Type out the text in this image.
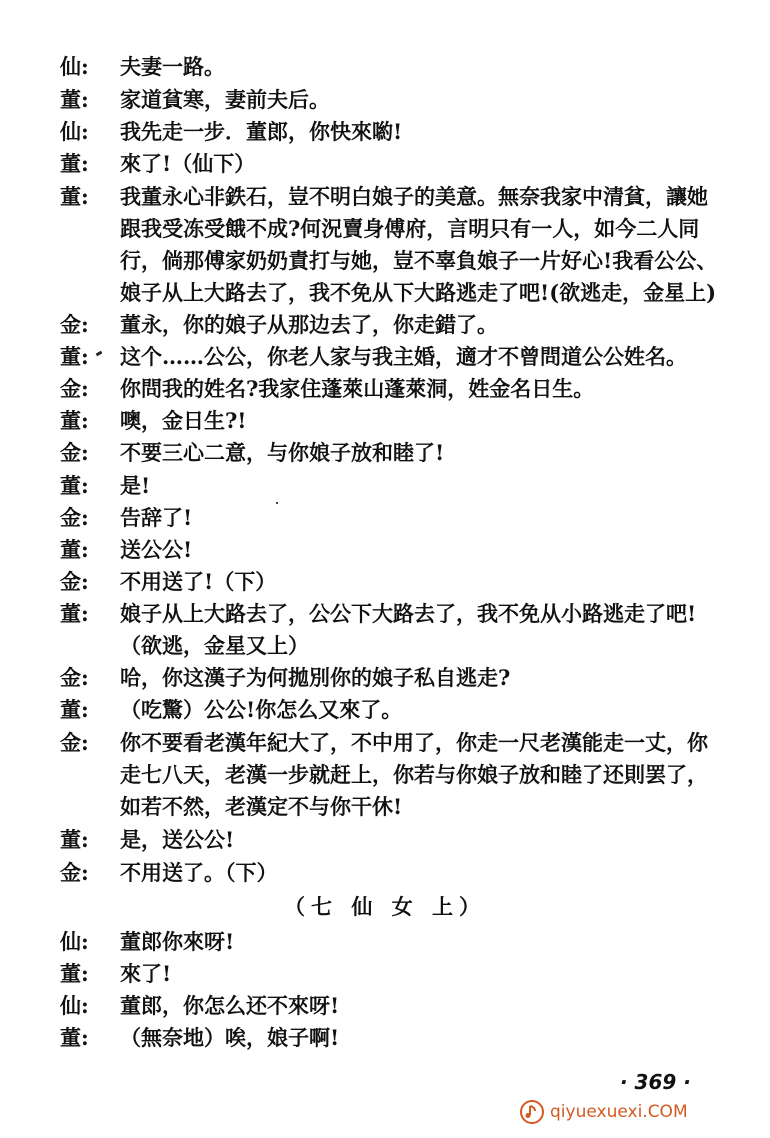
仙:	夫妻一路。
董:	家道貧寒，妻前夫后。
仙:	我先走一步．董郎，你快來喲!
董:	來了!（仙下）
董:	我董永心非鉄石，豈不明白娘子的美意。無奈我家中清貧，讓她
跟我受冻受餓不成?何況賣身傅府，言明只有一人，如今二人同
行，倘那傅家奶奶責打与她，豈不辜負娘子一片好心!我看公公、
娘子从上大路去了，我不免从下大路逃走了吧!(欲逃走，金星上)
金:	董永，你的娘子从那边去了，你走錯了。
董:	这个……公公，你老人家与我主婚，適才不曾問道公公姓名。
金:	你問我的姓名?我家住蓬萊山蓬萊洞，姓金名日生。
董:	噢，金日生?!
金:	不要三心二意，与你娘子放和睦了!
董:	是!
金:	告辞了!
董:	送公公!
金:	不用送了!（下）
董:	娘子从上大路去了，公公下大路去了，我不免从小路逃走了吧!
（欲逃，金星又上）
金:	哈，你这漢子为何拋別你的娘子私自逃走?
董:	（吃驚）公公!你怎么又來了。
金:	你不要看老漢年紀大了，不中用了，你走一尺老漢能走一丈，你
走七八天，老漢一步就赶上，你若与你娘子放和睦了还則罢了，
如若不然，老漢定不与你干休!
董:	是，送公公!
金:	不用送了。（下）
（七 仙 女 上）
仙:	董郎你來呀!
董:	來了!
仙:	董郎，你怎么还不來呀!
董:	（無奈地）唉，娘子啊!
· 369 ·
qiyuexuexi.COM
